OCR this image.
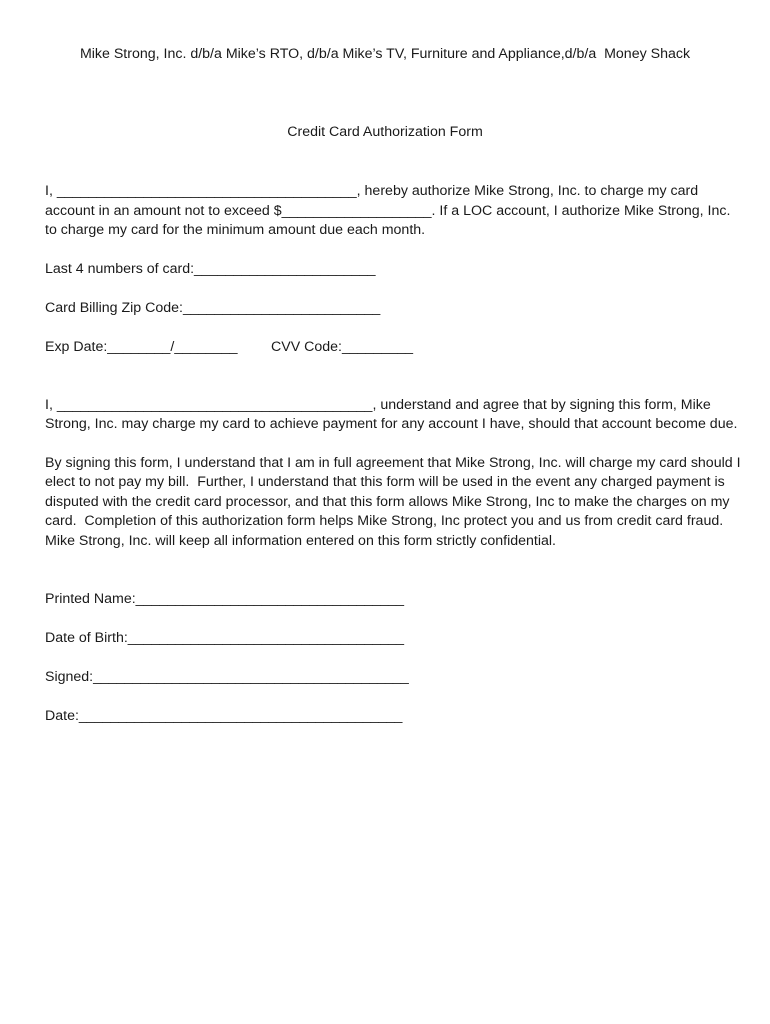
Mike Strong, Inc. d/b/a Mike’s RTO, d/b/a Mike’s TV, Furniture and Appliance,d/b/a  Money Shack
Credit Card Authorization Form
I, ______________________________________, hereby authorize Mike Strong, Inc. to charge my card
account in an amount not to exceed $___________________. If a LOC account, I authorize Mike Strong, Inc.
to charge my card for the minimum amount due each month.
Last 4 numbers of card:_______________________
Card Billing Zip Code:_________________________
Exp Date:________/________ CVV Code:_________
I, ________________________________________, understand and agree that by signing this form, Mike
Strong, Inc. may charge my card to achieve payment for any account I have, should that account become due.
By signing this form, I understand that I am in full agreement that Mike Strong, Inc. will charge my card should I
elect to not pay my bill.  Further, I understand that this form will be used in the event any charged payment is
disputed with the credit card processor, and that this form allows Mike Strong, Inc to make the charges on my
card.  Completion of this authorization form helps Mike Strong, Inc protect you and us from credit card fraud.
Mike Strong, Inc. will keep all information entered on this form strictly confidential.
Printed Name:__________________________________
Date of Birth:___________________________________
Signed:________________________________________
Date:_________________________________________
